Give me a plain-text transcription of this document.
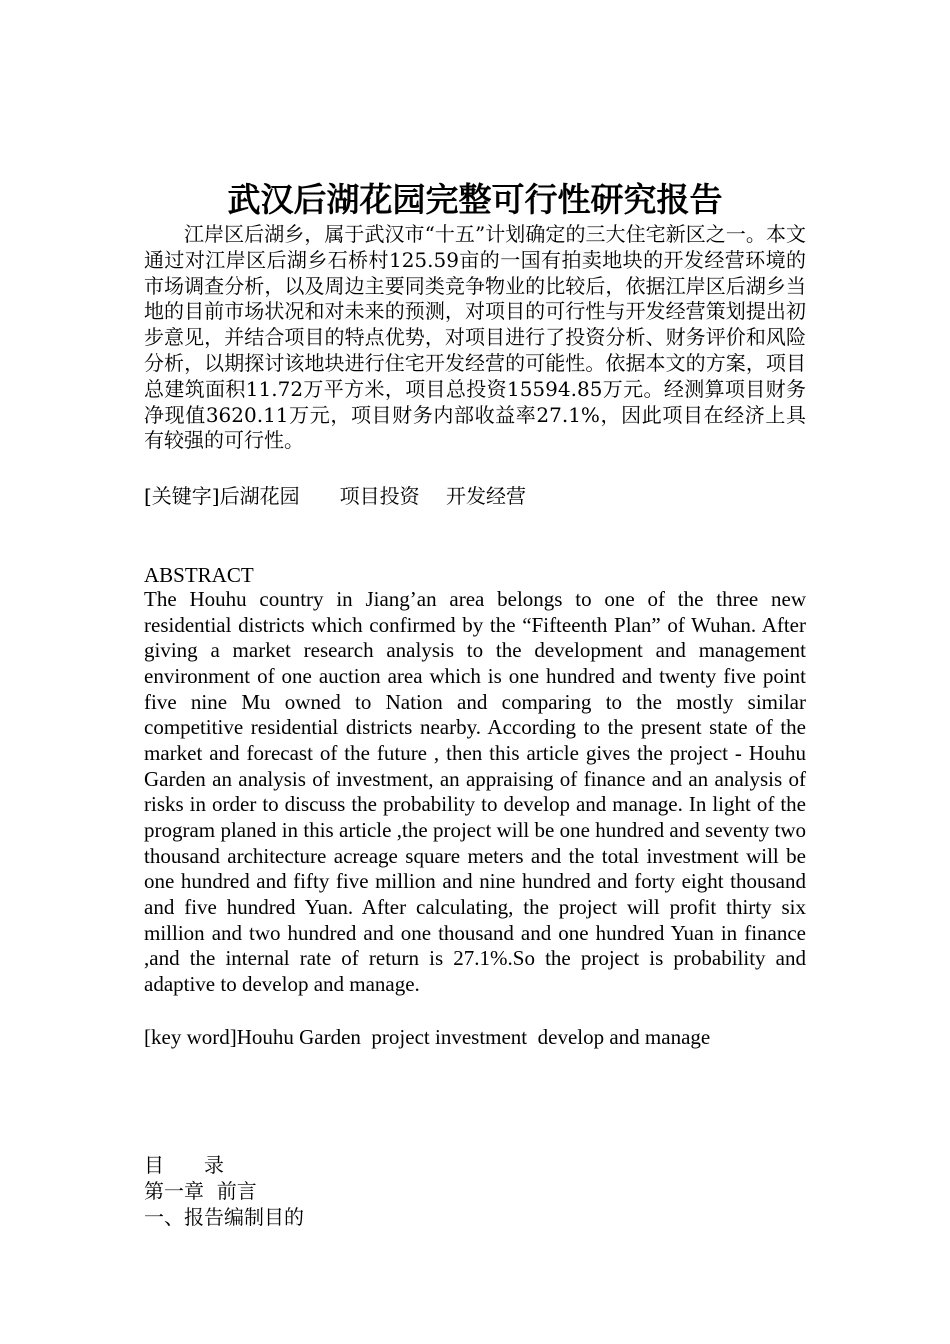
武汉后湖花园完整可行性研究报告

江岸区后湖乡，属于武汉市“十五”计划确定的三大住宅新区之一。本文通过对江岸区后湖乡石桥村125.59亩的一国有拍卖地块的开发经营环境的市场调查分析，以及周边主要同类竞争物业的比较后，依据江岸区后湖乡当地的目前市场状况和对未来的预测，对项目的可行性与开发经营策划提出初步意见，并结合项目的特点优势，对项目进行了投资分析、财务评价和风险分析，以期探讨该地块进行住宅开发经营的可能性。依据本文的方案，项目总建筑面积11.72万平方米，项目总投资15594.85万元。经测算项目财务净现值3620.11万元，项目财务内部收益率27.1%，因此项目在经济上具有较强的可行性。

[关键字]后湖花园　　项目投资　 开发经营

ABSTRACT

The Houhu country in Jiang’an area belongs to one of the three new residential districts which confirmed by the “Fifteenth Plan” of Wuhan. After giving a market research analysis to the development and management environment of one auction area which is one hundred and twenty five point five nine Mu owned to Nation and comparing to the mostly similar competitive residential districts nearby. According to the present state of the market and forecast of the future , then this article gives the project - Houhu Garden an analysis of investment, an appraising of finance and an analysis of risks in order to discuss the probability to develop and manage. In light of the program planed in this article ,the project will be one hundred and seventy two thousand architecture acreage square meters and the total investment will be one hundred and fifty five million and nine hundred and forty eight thousand and five hundred Yuan. After calculating, the project will profit thirty six million and two hundred and one thousand and one hundred Yuan in finance ,and the internal rate of return is 27.1%.So the project is probability and adaptive to develop and manage.

[key word]Houhu Garden  project investment  develop and manage

目　　录

第一章  前言

一、报告编制目的
